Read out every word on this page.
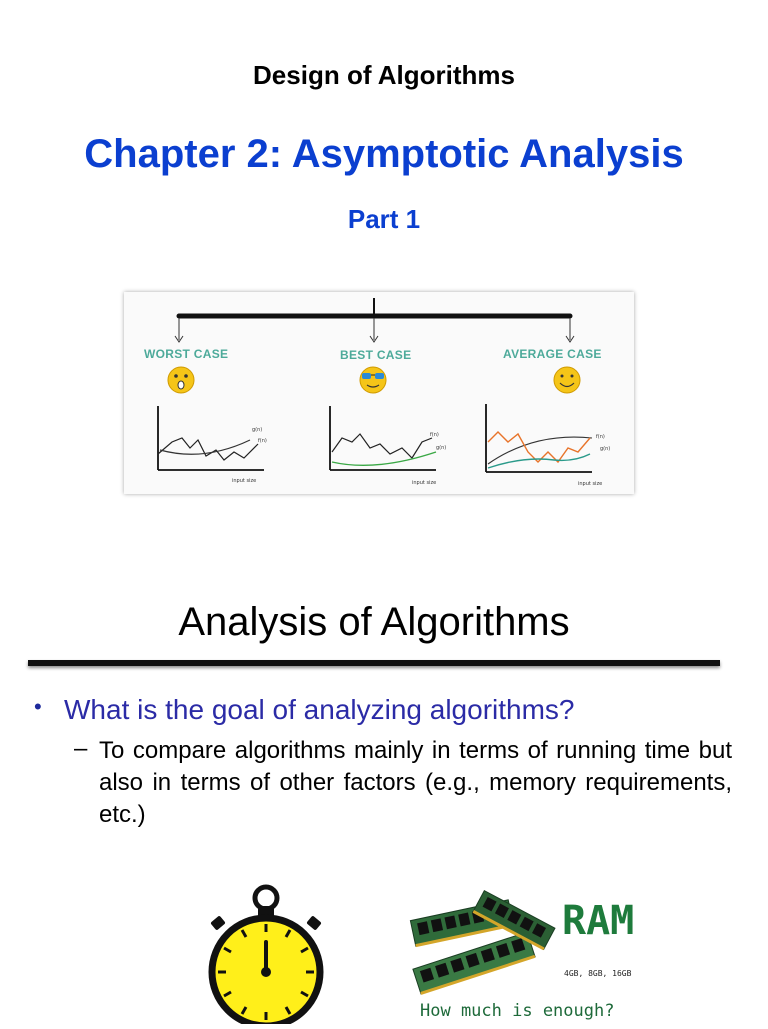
Design of Algorithms
Chapter 2: Asymptotic Analysis
Part 1
WORST CASE	BEST CASE	AVERAGE CASE
g(n)
f(n)
input size
f(n)
g(n)
input size
f(n)
g(n)
input size
Analysis of Algorithms
• What is the goal of analyzing algorithms?
– To compare algorithms mainly in terms of running time but also in terms of other factors (e.g., memory requirements, etc.)
RAM
4GB, 8GB, 16GB
How much is enough?
